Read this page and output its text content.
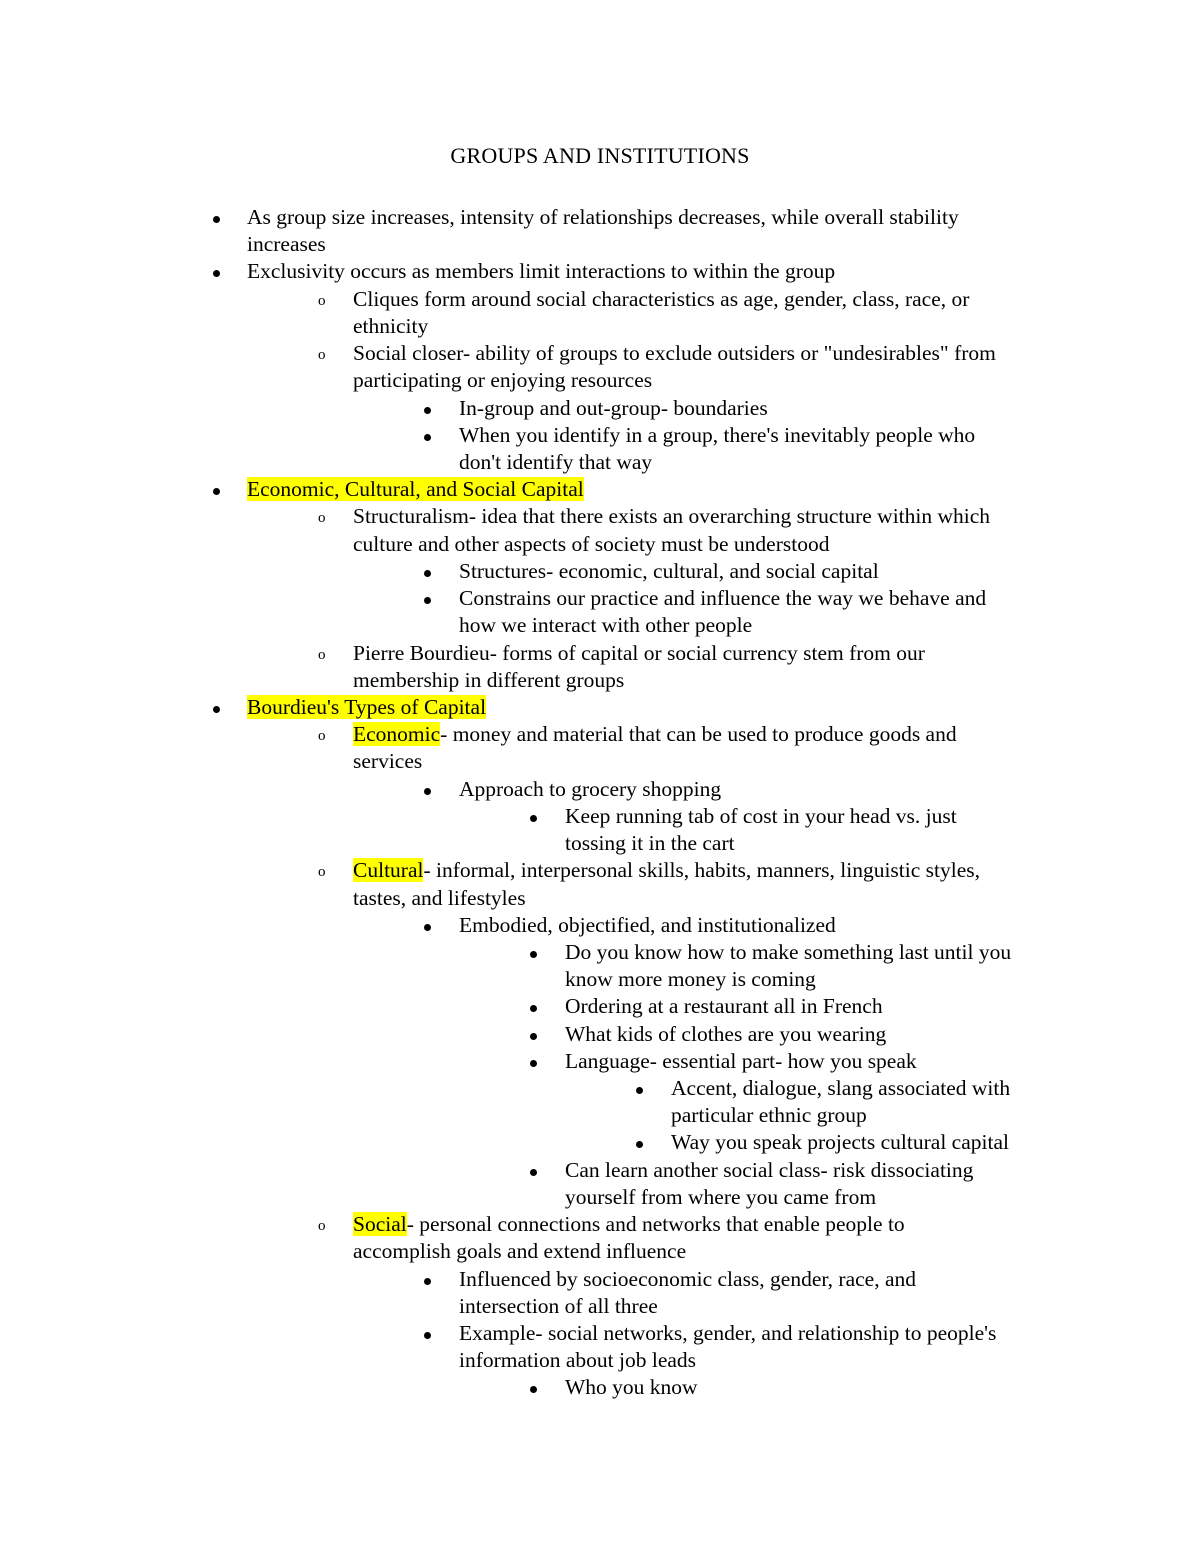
GROUPS AND INSTITUTIONS
As group size increases, intensity of relationships decreases, while overall stability
increases
Exclusivity occurs as members limit interactions to within the group
o Cliques form around social characteristics as age, gender, class, race, or
ethnicity
o Social closer- ability of groups to exclude outsiders or "undesirables" from
participating or enjoying resources
In-group and out-group- boundaries
When you identify in a group, there's inevitably people who
don't identify that way
Economic, Cultural, and Social Capital
o Structuralism- idea that there exists an overarching structure within which
culture and other aspects of society must be understood
Structures- economic, cultural, and social capital
Constrains our practice and influence the way we behave and
how we interact with other people
o Pierre Bourdieu- forms of capital or social currency stem from our
membership in different groups
Bourdieu's Types of Capital
o Economic- money and material that can be used to produce goods and
services
Approach to grocery shopping
Keep running tab of cost in your head vs. just
tossing it in the cart
o Cultural- informal, interpersonal skills, habits, manners, linguistic styles,
tastes, and lifestyles
Embodied, objectified, and institutionalized
Do you know how to make something last until you
know more money is coming
Ordering at a restaurant all in French
What kids of clothes are you wearing
Language- essential part- how you speak
Accent, dialogue, slang associated with
particular ethnic group
Way you speak projects cultural capital
Can learn another social class- risk dissociating
yourself from where you came from
o Social- personal connections and networks that enable people to
accomplish goals and extend influence
Influenced by socioeconomic class, gender, race, and
intersection of all three
Example- social networks, gender, and relationship to people's
information about job leads
Who you know
